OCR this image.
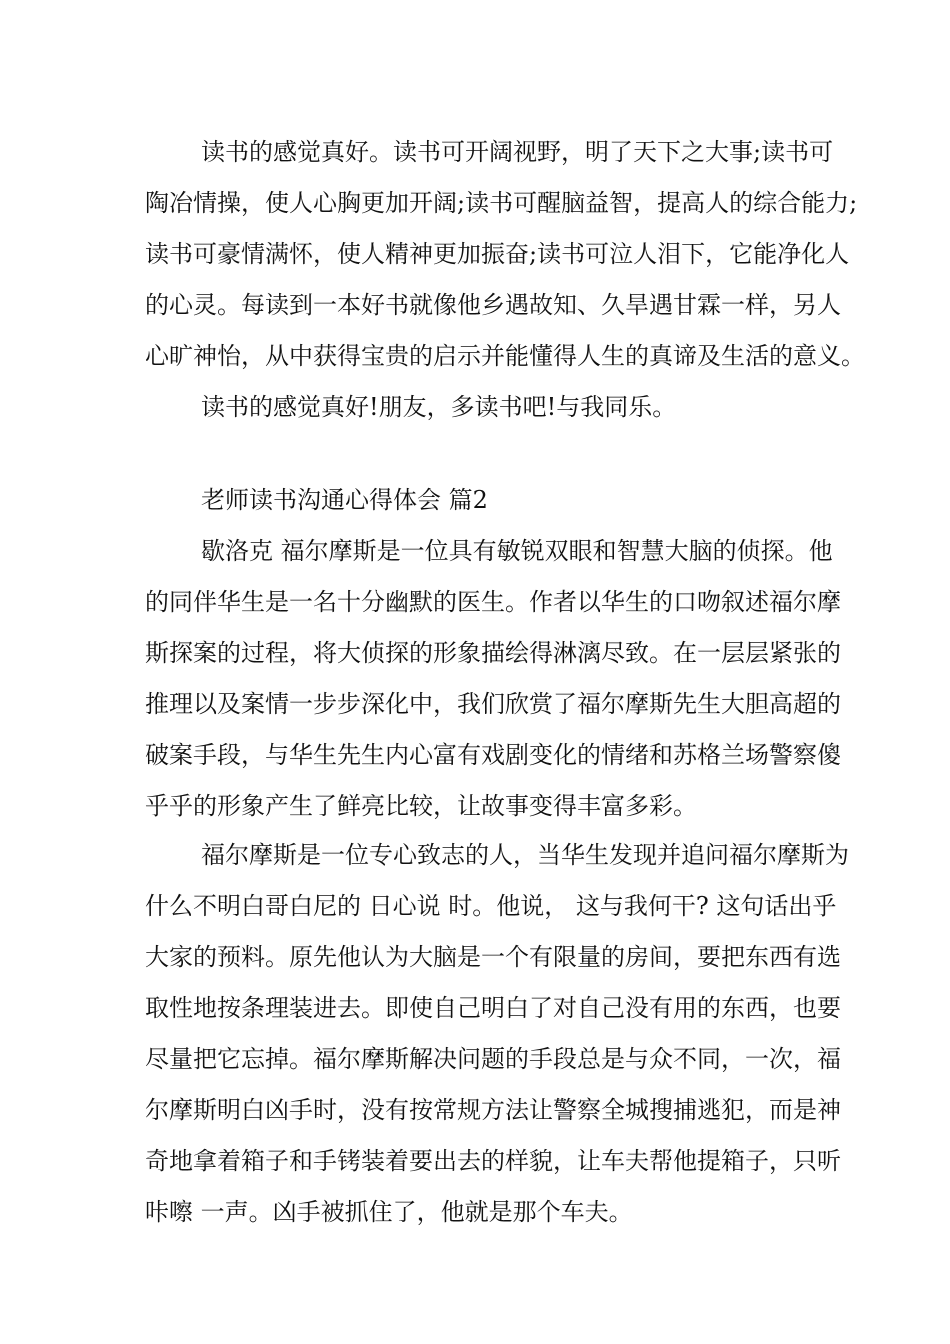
读书的感觉真好。读书可开阔视野，明了天下之大事;读书可
陶冶情操，使人心胸更加开阔;读书可醒脑益智，提高人的综合能力;
读书可豪情满怀，使人精神更加振奋;读书可泣人泪下，它能净化人
的心灵。每读到一本好书就像他乡遇故知、久旱遇甘霖一样，另人
心旷神怡，从中获得宝贵的启示并能懂得人生的真谛及生活的意义。
读书的感觉真好!朋友，多读书吧!与我同乐。
老师读书沟通心得体会 篇2
歇洛克 福尔摩斯是一位具有敏锐双眼和智慧大脑的侦探。他
的同伴华生是一名十分幽默的医生。作者以华生的口吻叙述福尔摩
斯探案的过程，将大侦探的形象描绘得淋漓尽致。在一层层紧张的
推理以及案情一步步深化中，我们欣赏了福尔摩斯先生大胆高超的
破案手段，与华生先生内心富有戏剧变化的情绪和苏格兰场警察傻
乎乎的形象产生了鲜亮比较，让故事变得丰富多彩。
福尔摩斯是一位专心致志的人，当华生发现并追问福尔摩斯为
什么不明白哥白尼的 日心说 时。他说， 这与我何干? 这句话出乎
大家的预料。原先他认为大脑是一个有限量的房间，要把东西有选
取性地按条理装进去。即使自己明白了对自己没有用的东西，也要
尽量把它忘掉。福尔摩斯解决问题的手段总是与众不同，一次，福
尔摩斯明白凶手时，没有按常规方法让警察全城搜捕逃犯，而是神
奇地拿着箱子和手铐装着要出去的样貌，让车夫帮他提箱子，只听
咔嚓 一声。凶手被抓住了，他就是那个车夫。
